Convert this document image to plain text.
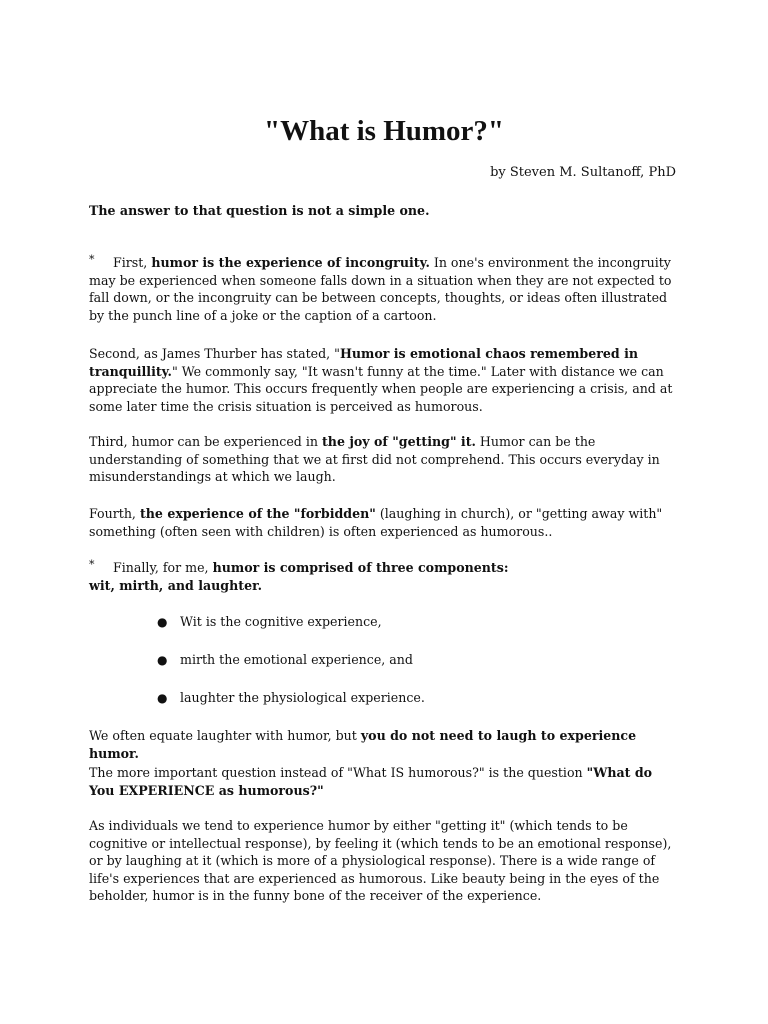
"What is Humor?"

by Steven M. Sultanoff, PhD

The answer to that question is not a simple one.

* First, humor is the experience of incongruity. In one's environment the incongruity may be experienced when someone falls down in a situation when they are not expected to fall down, or the incongruity can be between concepts, thoughts, or ideas often illustrated by the punch line of a joke or the caption of a cartoon.

Second, as James Thurber has stated, "Humor is emotional chaos remembered in tranquillity." We commonly say, "It wasn't funny at the time." Later with distance we can appreciate the humor. This occurs frequently when people are experiencing a crisis, and at some later time the crisis situation is perceived as humorous.

Third, humor can be experienced in the joy of "getting" it. Humor can be the understanding of something that we at first did not comprehend. This occurs everyday in misunderstandings at which we laugh.

Fourth, the experience of the "forbidden" (laughing in church), or "getting away with" something (often seen with children) is often experienced as humorous..

* Finally, for me, humor is comprised of three components:
wit, mirth, and laughter.

● Wit is the cognitive experience,
● mirth the emotional experience, and
● laughter the physiological experience.

We often equate laughter with humor, but you do not need to laugh to experience humor.

The more important question instead of "What IS humorous?" is the question "What do You EXPERIENCE as humorous?"

As individuals we tend to experience humor by either "getting it" (which tends to be cognitive or intellectual response), by feeling it (which tends to be an emotional response), or by laughing at it (which is more of a physiological response). There is a wide range of life's experiences that are experienced as humorous. Like beauty being in the eyes of the beholder, humor is in the funny bone of the receiver of the experience.
